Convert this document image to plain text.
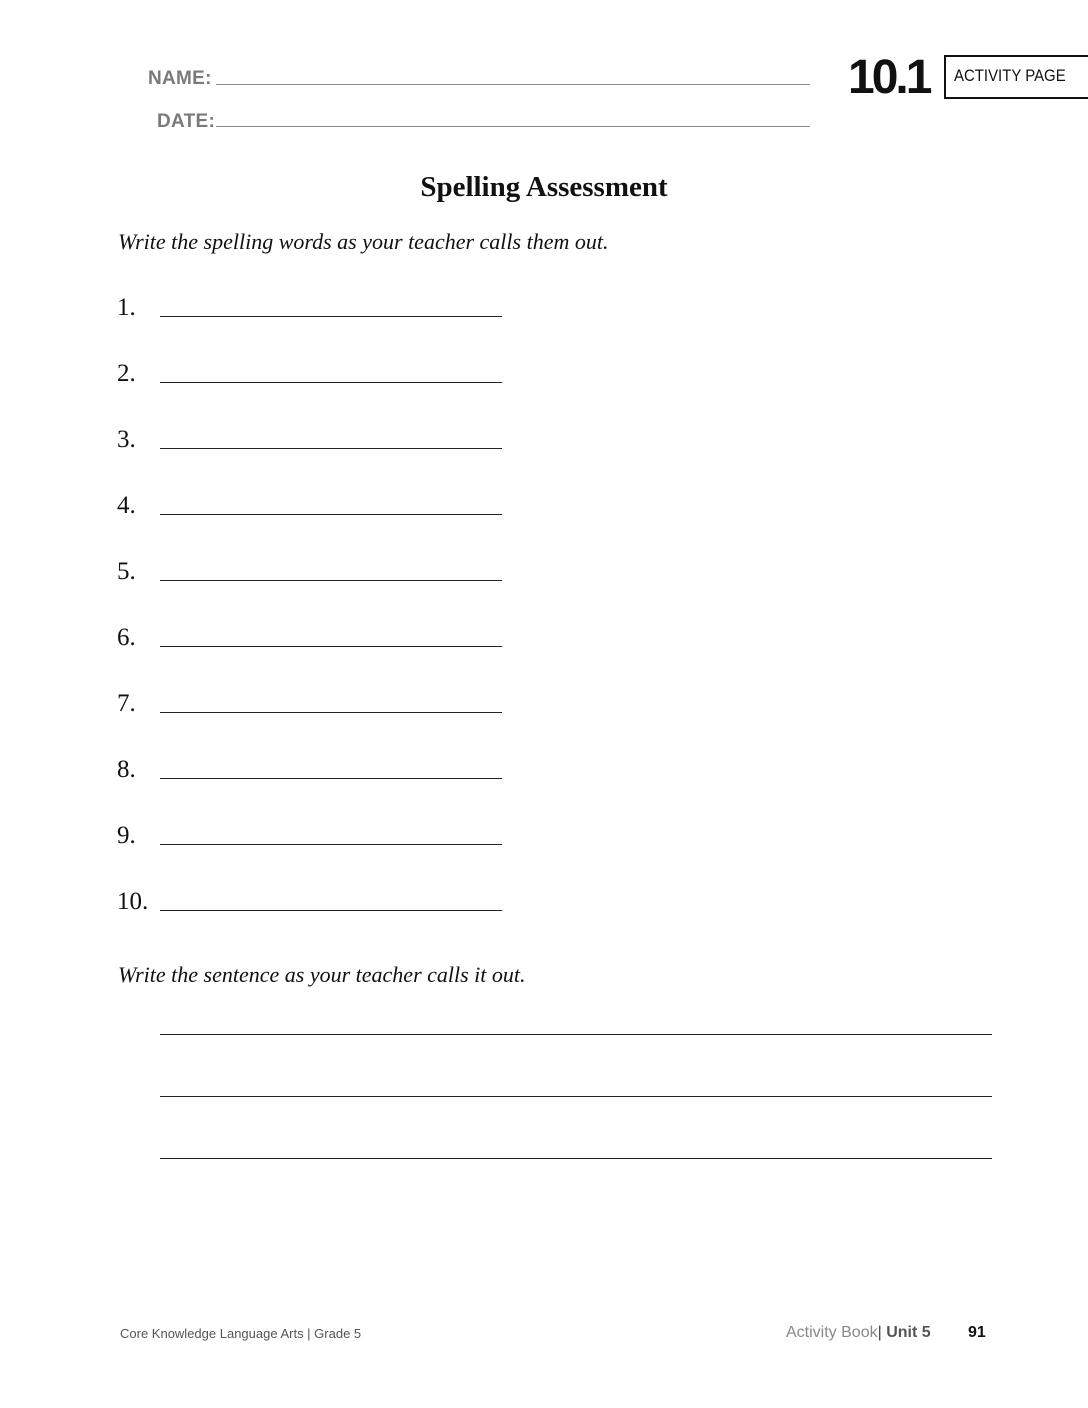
NAME:
DATE:
10.1 ACTIVITY PAGE
Spelling Assessment
Write the spelling words as your teacher calls them out.
1.
2.
3.
4.
5.
6.
7.
8.
9.
10.
Write the sentence as your teacher calls it out.
Core Knowledge Language Arts | Grade 5	Activity Book| Unit 5 91
